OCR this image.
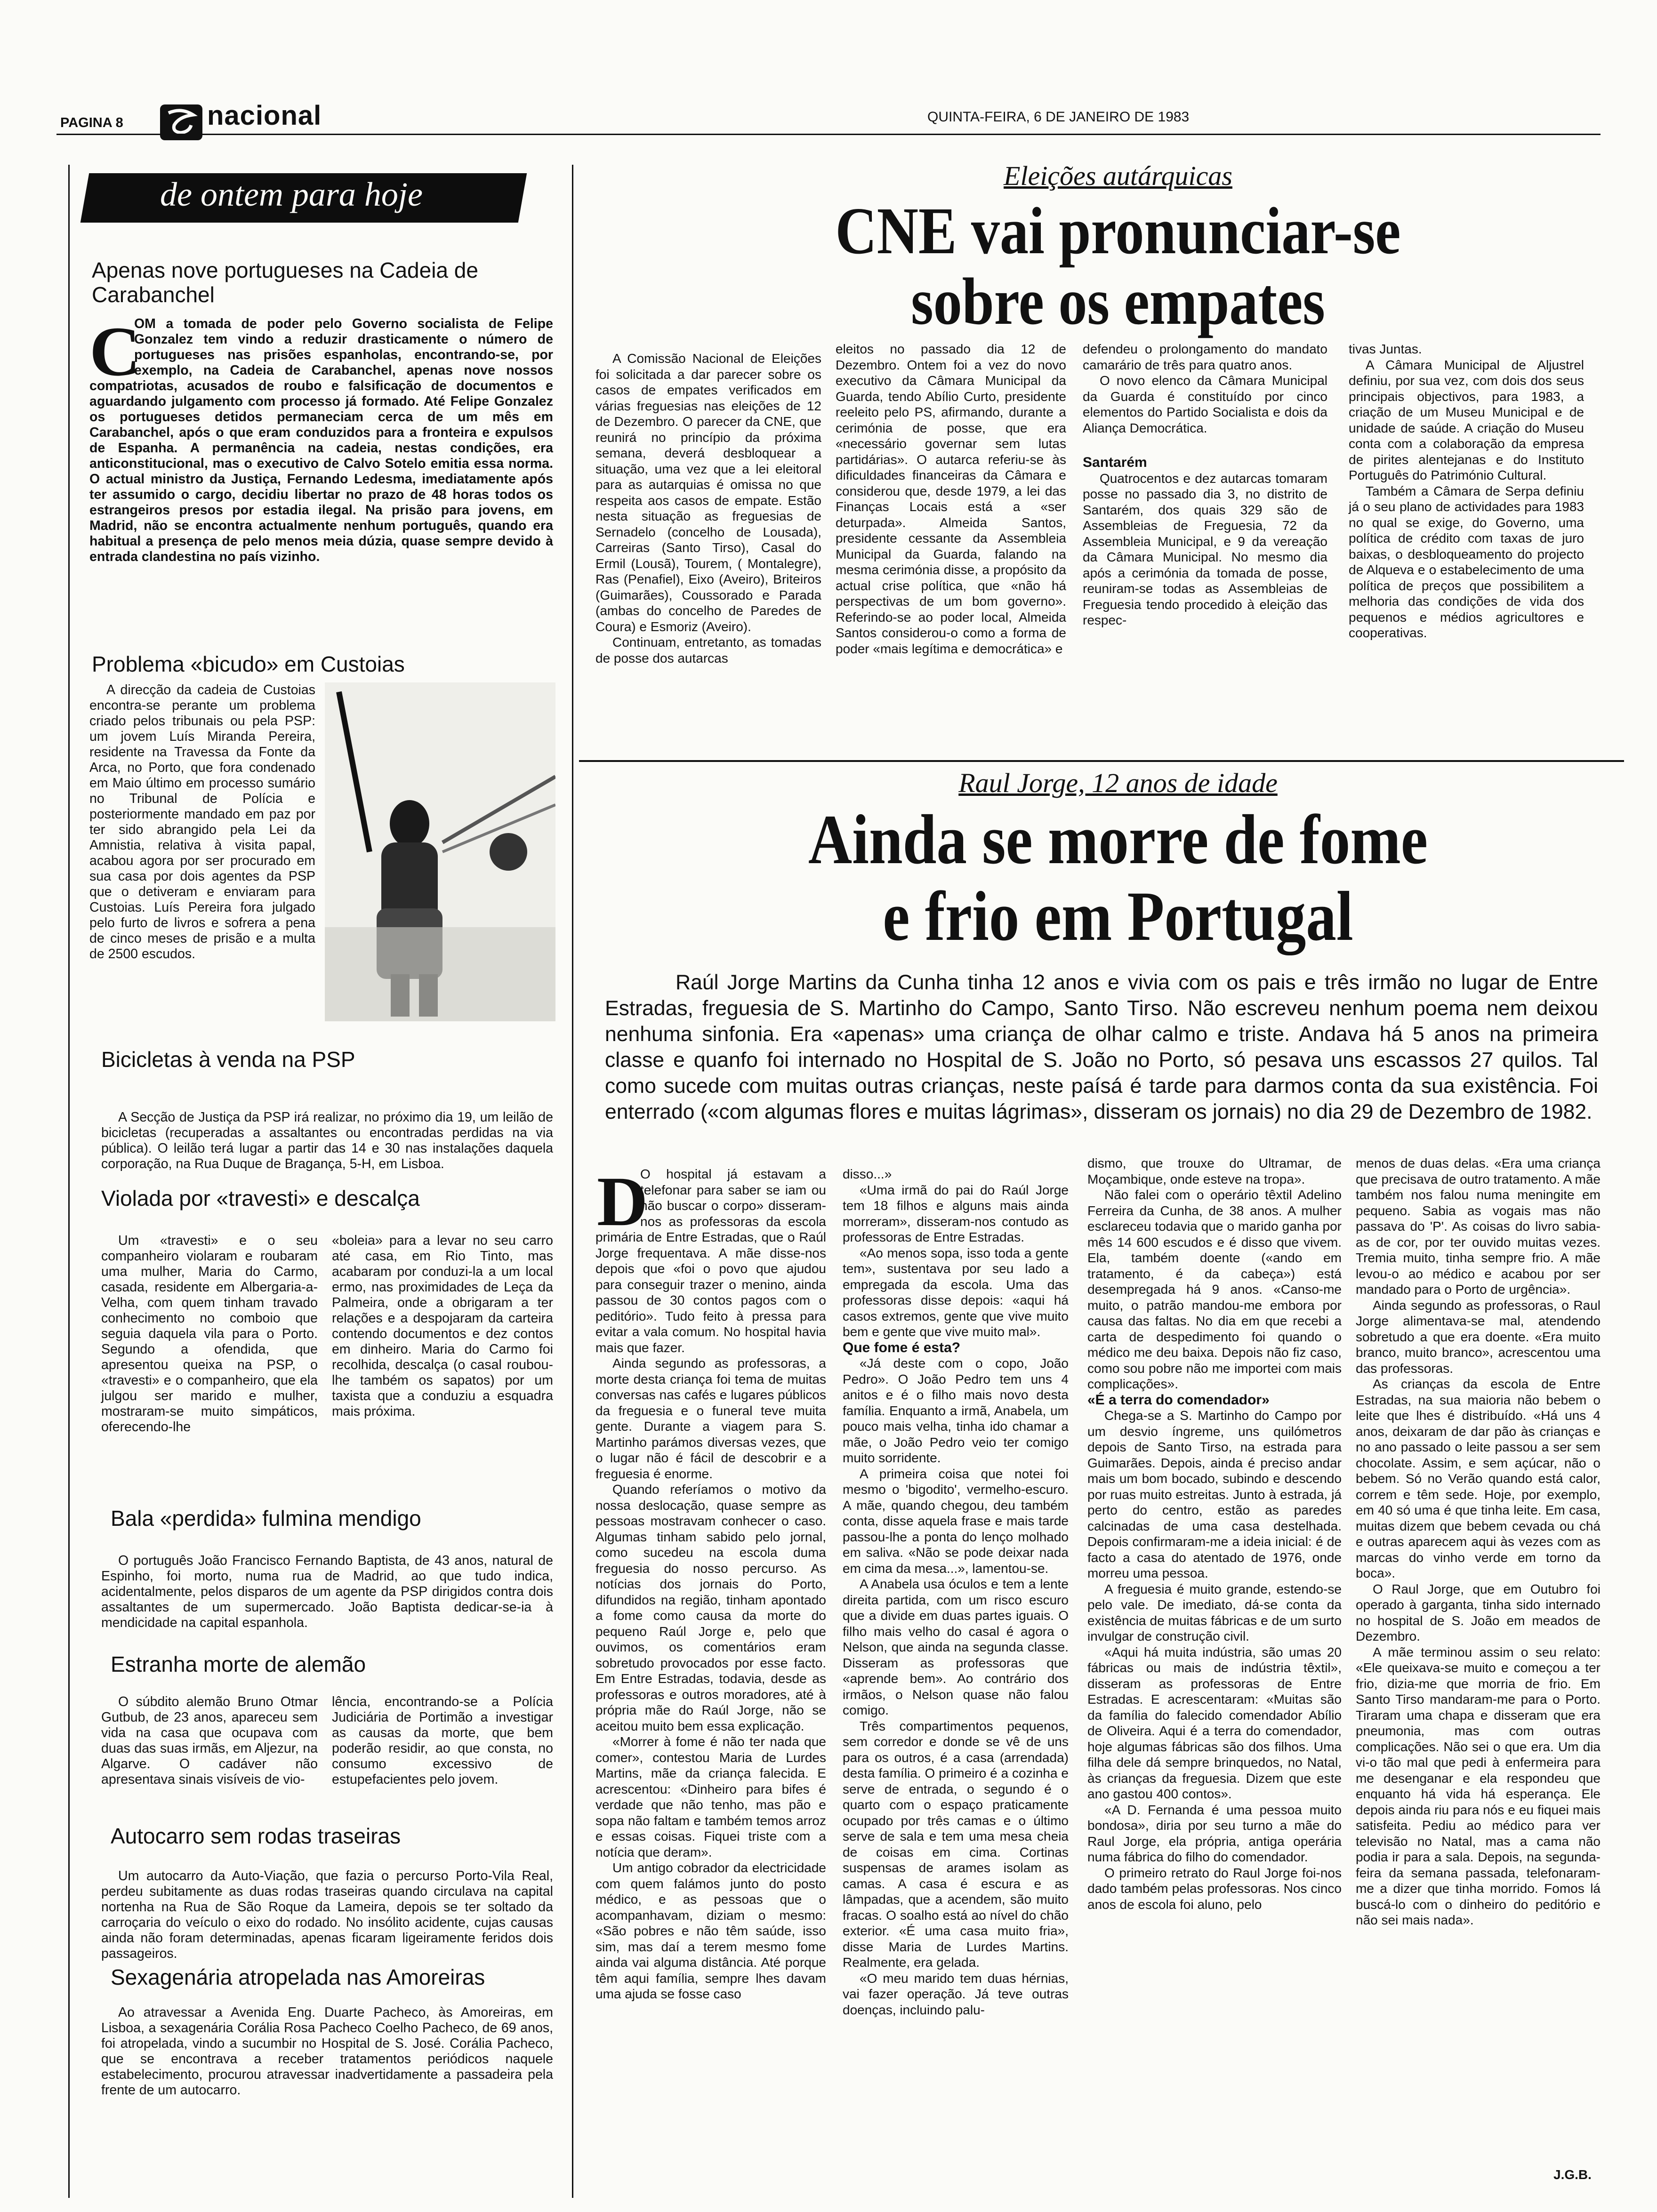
PAGINA 8	nacional	QUINTA-FEIRA, 6 DE JANEIRO DE 1983
de ontem para hoje
Apenas nove portugueses na Cadeia de Carabanchel
C
OM a tomada de poder pelo Governo socialista de Felipe Gonzalez tem vindo a reduzir drasticamente o número de portugueses nas prisões espanholas, encontrando-se, por exemplo, na Cadeia de Carabanchel, apenas nove nossos compatriotas, acusados de roubo e falsificação de documentos e aguardando julgamento com processo já formado. Até Felipe Gonzalez os portugueses detidos permaneciam cerca de um mês em Carabanchel, após o que eram conduzidos para a fronteira e expulsos de Espanha. A permanência na cadeia, nestas condições, era anticonstitucional, mas o executivo de Calvo Sotelo emitia essa norma. O actual ministro da Justiça, Fernando Ledesma, imediatamente após ter assumido o cargo, decidiu libertar no prazo de 48 horas todos os estrangeiros presos por estadia ilegal. Na prisão para jovens, em Madrid, não se encontra actualmente nenhum português, quando era habitual a presença de pelo menos meia dúzia, quase sempre devido à entrada clandestina no país vizinho.
Problema «bicudo» em Custoias
A direcção da cadeia de Custoias encontra-se perante um problema criado pelos tribunais ou pela PSP: um jovem Luís Miranda Pereira, residente na Travessa da Fonte da Arca, no Porto, que fora condenado em Maio último em processo sumário no Tribunal de Polícia e posteriormente mandado em paz por ter sido abrangido pela Lei da Amnistia, relativa à visita papal, acabou agora por ser procurado em sua casa por dois agentes da PSP que o detiveram e enviaram para Custoias. Luís Pereira fora julgado pelo furto de livros e sofrera a pena de cinco meses de prisão e a multa de 2500 escudos.
Bicicletas à venda na PSP
A Secção de Justiça da PSP irá realizar, no próximo dia 19, um leilão de bicicletas (recuperadas a assaltantes ou encontradas perdidas na via pública). O leilão terá lugar a partir das 14 e 30 nas instalações daquela corporação, na Rua Duque de Bragança, 5-H, em Lisboa.
Violada por «travesti» e descalça
Um «travesti» e o seu companheiro violaram e roubaram uma mulher, Maria do Carmo, casada, residente em Albergaria-a-Velha, com quem tinham travado conhecimento no comboio que seguia daquela vila para o Porto. Segundo a ofendida, que apresentou queixa na PSP, o «travesti» e o companheiro, que ela julgou ser marido e mulher, mostraram-se muito simpáticos, oferecendo-lhe
«boleia» para a levar no seu carro até casa, em Rio Tinto, mas acabaram por conduzi-la a um local ermo, nas proximidades de Leça da Palmeira, onde a obrigaram a ter relações e a despojaram da carteira contendo documentos e dez contos em dinheiro. Maria do Carmo foi recolhida, descalça (o casal roubou-lhe também os sapatos) por um taxista que a conduziu a esquadra mais próxima.
Bala «perdida» fulmina mendigo
O português João Francisco Fernando Baptista, de 43 anos, natural de Espinho, foi morto, numa rua de Madrid, ao que tudo indica, acidentalmente, pelos disparos de um agente da PSP dirigidos contra dois assaltantes de um supermercado. João Baptista dedicar-se-ia à mendicidade na capital espanhola.
Estranha morte de alemão
O súbdito alemão Bruno Otmar Gutbub, de 23 anos, apareceu sem vida na casa que ocupava com duas das suas irmãs, em Aljezur, na Algarve. O cadáver não apresentava sinais visíveis de vio-
lência, encontrando-se a Polícia Judiciária de Portimão a investigar as causas da morte, que bem poderão residir, ao que consta, no consumo excessivo de estupefacientes pelo jovem.
Autocarro sem rodas traseiras
Um autocarro da Auto-Viação, que fazia o percurso Porto-Vila Real, perdeu subitamente as duas rodas traseiras quando circulava na capital nortenha na Rua de São Roque da Lameira, depois se ter soltado da carroçaria do veículo o eixo do rodado. No insólito acidente, cujas causas ainda não foram determinadas, apenas ficaram ligeiramente feridos dois passageiros.
Sexagenária atropelada nas Amoreiras
Ao atravessar a Avenida Eng. Duarte Pacheco, às Amoreiras, em Lisboa, a sexagenária Corália Rosa Pacheco Coelho Pacheco, de 69 anos, foi atropelada, vindo a sucumbir no Hospital de S. José. Corália Pacheco, que se encontrava a receber tratamentos periódicos naquele estabelecimento, procurou atravessar inadvertidamente a passadeira pela frente de um autocarro.
Eleições autárquicas
CNE vai pronunciar-se
sobre os empates

A Comissão Nacional de Eleições foi solicitada a dar parecer sobre os casos de empates verificados em várias freguesias nas eleições de 12 de Dezembro. O parecer da CNE, que reunirá no princípio da próxima semana, deverá desbloquear a situação, uma vez que a lei eleitoral para as autarquias é omissa no que respeita aos casos de empate. Estão nesta situação as freguesias de Sernadelo (concelho de Lousada), Carreiras (Santo Tirso), Casal do Ermil (Lousã), Tourem, ( Montalegre), Ras (Penafiel), Eixo (Aveiro), Briteiros (Guimarães), Coussorado e Parada (ambas do concelho de Paredes de Coura) e Esmoriz (Aveiro).

Continuam, entretanto, as tomadas de posse dos autarcas

eleitos no passado dia 12 de Dezembro. Ontem foi a vez do novo executivo da Câmara Municipal da Guarda, tendo Abílio Curto, presidente reeleito pelo PS, afirmando, durante a cerimónia de posse, que era «necessário governar sem lutas partidárias». O autarca referiu-se às dificuldades financeiras da Câmara e considerou que, desde 1979, a lei das Finanças Locais está a «ser deturpada». Almeida Santos, presidente cessante da Assembleia Municipal da Guarda, falando na mesma cerimónia disse, a propósito da actual crise política, que «não há perspectivas de um bom governo». Referindo-se ao poder local, Almeida Santos considerou-o como a forma de poder «mais legítima e democrática» e

defendeu o prolongamento do mandato camarário de três para quatro anos.

O novo elenco da Câmara Municipal da Guarda é constituído por cinco elementos do Partido Socialista e dois da Aliança Democrática.

Santarém

Quatrocentos e dez autarcas tomaram posse no passado dia 3, no distrito de Santarém, dos quais 329 são de Assembleias de Freguesia, 72 da Assembleia Municipal, e 9 da vereação da Câmara Municipal. No mesmo dia após a cerimónia da tomada de posse, reuniram-se todas as Assembleias de Freguesia tendo procedido à eleição das respec-

tivas Juntas.

A Câmara Municipal de Aljustrel definiu, por sua vez, com dois dos seus principais objectivos, para 1983, a criação de um Museu Municipal e de unidade de saúde. A criação do Museu conta com a colaboração da empresa de pirites alentejanas e do Instituto Português do Património Cultural.

Também a Câmara de Serpa definiu já o seu plano de actividades para 1983 no qual se exige, do Governo, uma política de crédito com taxas de juro baixas, o desbloqueamento do projecto de Alqueva e o estabelecimento de uma política de preços que possibilitem a melhoria das condições de vida dos pequenos e médios agricultores e cooperativas.

Raul Jorge, 12 anos de idade
Ainda se morre de fome
e frio em Portugal
Raúl Jorge Martins da Cunha tinha 12 anos e vivia com os pais e três irmão no lugar de Entre Estradas, freguesia de S. Martinho do Campo, Santo Tirso. Não escreveu nenhum poema nem deixou nenhuma sinfonia. Era «apenas» uma criança de olhar calmo e triste. Andava há 5 anos na primeira classe e quanfo foi internado no Hospital de S. João no Porto, só pesava uns escassos 27 quilos. Tal como sucede com muitas outras crianças, neste paísá é tarde para darmos conta da sua existência. Foi enterrado («com algumas flores e muitas lágrimas», disseram os jornais) no dia 29 de Dezembro de 1982.
D

O hospital já estavam a telefonar para saber se iam ou não buscar o corpo» disseram-nos as professoras da escola primária de Entre Estradas, que o Raúl Jorge frequentava. A mãe disse-nos depois que «foi o povo que ajudou para conseguir trazer o menino, ainda passou de 30 contos pagos com o peditório». Tudo feito à pressa para evitar a vala comum. No hospital havia mais que fazer.

Ainda segundo as professoras, a morte desta criança foi tema de muitas conversas nas cafés e lugares públicos da freguesia e o funeral teve muita gente. Durante a viagem para S. Martinho parámos diversas vezes, que o lugar não é fácil de descobrir e a freguesia é enorme.

Quando referíamos o motivo da nossa deslocação, quase sempre as pessoas mostravam conhecer o caso. Algumas tinham sabido pelo jornal, como sucedeu na escola duma freguesia do nosso percurso. As notícias dos jornais do Porto, difundidos na região, tinham apontado a fome como causa da morte do pequeno Raúl Jorge e, pelo que ouvimos, os comentários eram sobretudo provocados por esse facto. Em Entre Estradas, todavia, desde as professoras e outros moradores, até à própria mãe do Raúl Jorge, não se aceitou muito bem essa explicação.

«Morrer à fome é não ter nada que comer», contestou Maria de Lurdes Martins, mãe da criança falecida. E acrescentou: «Dinheiro para bifes é verdade que não tenho, mas pão e sopa não faltam e também temos arroz e essas coisas. Fiquei triste com a notícia que deram».

Um antigo cobrador da electricidade com quem falámos junto do posto médico, e as pessoas que o acompanhavam, diziam o mesmo: «São pobres e não têm saúde, isso sim, mas daí a terem mesmo fome ainda vai alguma distância. Até porque têm aqui família, sempre lhes davam uma ajuda se fosse caso

disso...»

«Uma irmã do pai do Raúl Jorge tem 18 filhos e alguns mais ainda morreram», disseram-nos contudo as professoras de Entre Estradas.

«Ao menos sopa, isso toda a gente tem», sustentava por seu lado a empregada da escola. Uma das professoras disse depois: «aqui há casos extremos, gente que vive muito bem e gente que vive muito mal».

Que fome é esta?

«Já deste com o copo, João Pedro». O João Pedro tem uns 4 anitos e é o filho mais novo desta família. Enquanto a irmã, Anabela, um pouco mais velha, tinha ido chamar a mãe, o João Pedro veio ter comigo muito sorridente.

A primeira coisa que notei foi mesmo o 'bigodito', vermelho-escuro. A mãe, quando chegou, deu também conta, disse aquela frase e mais tarde passou-lhe a ponta do lenço molhado em saliva. «Não se pode deixar nada em cima da mesa...», lamentou-se.

A Anabela usa óculos e tem a lente direita partida, com um risco escuro que a divide em duas partes iguais. O filho mais velho do casal é agora o Nelson, que ainda na segunda classe. Disseram as professoras que «aprende bem». Ao contrário dos irmãos, o Nelson quase não falou comigo.

Três compartimentos pequenos, sem corredor e donde se vê de uns para os outros, é a casa (arrendada) desta família. O primeiro é a cozinha e serve de entrada, o segundo é o quarto com o espaço praticamente ocupado por três camas e o último serve de sala e tem uma mesa cheia de coisas em cima. Cortinas suspensas de arames isolam as camas. A casa é escura e as lâmpadas, que a acendem, são muito fracas. O soalho está ao nível do chão exterior. «É uma casa muito fria», disse Maria de Lurdes Martins. Realmente, era gelada.

«O meu marido tem duas hérnias, vai fazer operação. Já teve outras doenças, incluindo palu-

dismo, que trouxe do Ultramar, de Moçambique, onde esteve na tropa».

Não falei com o operário têxtil Adelino Ferreira da Cunha, de 38 anos. A mulher esclareceu todavia que o marido ganha por mês 14 600 escudos e é disso que vivem. Ela, também doente («ando em tratamento, é da cabeça») está desempregada há 9 anos. «Canso-me muito, o patrão mandou-me embora por causa das faltas. No dia em que recebi a carta de despedimento foi quando o médico me deu baixa. Depois não fiz caso, como sou pobre não me importei com mais complicações».

«É a terra do comendador»

Chega-se a S. Martinho do Campo por um desvio íngreme, uns quilómetros depois de Santo Tirso, na estrada para Guimarães. Depois, ainda é preciso andar mais um bom bocado, subindo e descendo por ruas muito estreitas. Junto à estrada, já perto do centro, estão as paredes calcinadas de uma casa destelhada. Depois confirmaram-me a ideia inicial: é de facto a casa do atentado de 1976, onde morreu uma pessoa.

A freguesia é muito grande, estendo-se pelo vale. De imediato, dá-se conta da existência de muitas fábricas e de um surto invulgar de construção civil.

«Aqui há muita indústria, são umas 20 fábricas ou mais de indústria têxtil», disseram as professoras de Entre Estradas. E acrescentaram: «Muitas são da família do falecido comendador Abílio de Oliveira. Aqui é a terra do comendador, hoje algumas fábricas são dos filhos. Uma filha dele dá sempre brinquedos, no Natal, às crianças da freguesia. Dizem que este ano gastou 400 contos».

«A D. Fernanda é uma pessoa muito bondosa», diria por seu turno a mãe do Raul Jorge, ela própria, antiga operária numa fábrica do filho do comendador.

O primeiro retrato do Raul Jorge foi-nos dado também pelas professoras. Nos cinco anos de escola foi aluno, pelo

menos de duas delas. «Era uma criança que precisava de outro tratamento. A mãe também nos falou numa meningite em pequeno. Sabia as vogais mas não passava do 'P'. As coisas do livro sabia-as de cor, por ter ouvido muitas vezes. Tremia muito, tinha sempre frio. A mãe levou-o ao médico e acabou por ser mandado para o Porto de urgência».

Ainda segundo as professoras, o Raul Jorge alimentava-se mal, atendendo sobretudo a que era doente. «Era muito branco, muito branco», acrescentou uma das professoras.

As crianças da escola de Entre Estradas, na sua maioria não bebem o leite que lhes é distribuído. «Há uns 4 anos, deixaram de dar pão às crianças e no ano passado o leite passou a ser sem chocolate. Assim, e sem açúcar, não o bebem. Só no Verão quando está calor, correm e têm sede. Hoje, por exemplo, em 40 só uma é que tinha leite. Em casa, muitas dizem que bebem cevada ou chá e outras aparecem aqui às vezes com as marcas do vinho verde em torno da boca».

O Raul Jorge, que em Outubro foi operado à garganta, tinha sido internado no hospital de S. João em meados de Dezembro.

A mãe terminou assim o seu relato: «Ele queixava-se muito e começou a ter frio, dizia-me que morria de frio. Em Santo Tirso mandaram-me para o Porto. Tiraram uma chapa e disseram que era pneumonia, mas com outras complicações. Não sei o que era. Um dia vi-o tão mal que pedi à enfermeira para me desenganar e ela respondeu que enquanto há vida há esperança. Ele depois ainda riu para nós e eu fiquei mais satisfeita. Pediu ao médico para ver televisão no Natal, mas a cama não podia ir para a sala. Depois, na segunda-feira da semana passada, telefonaram-me a dizer que tinha morrido. Fomos lá buscá-lo com o dinheiro do peditório e não sei mais nada».

J.G.B.
